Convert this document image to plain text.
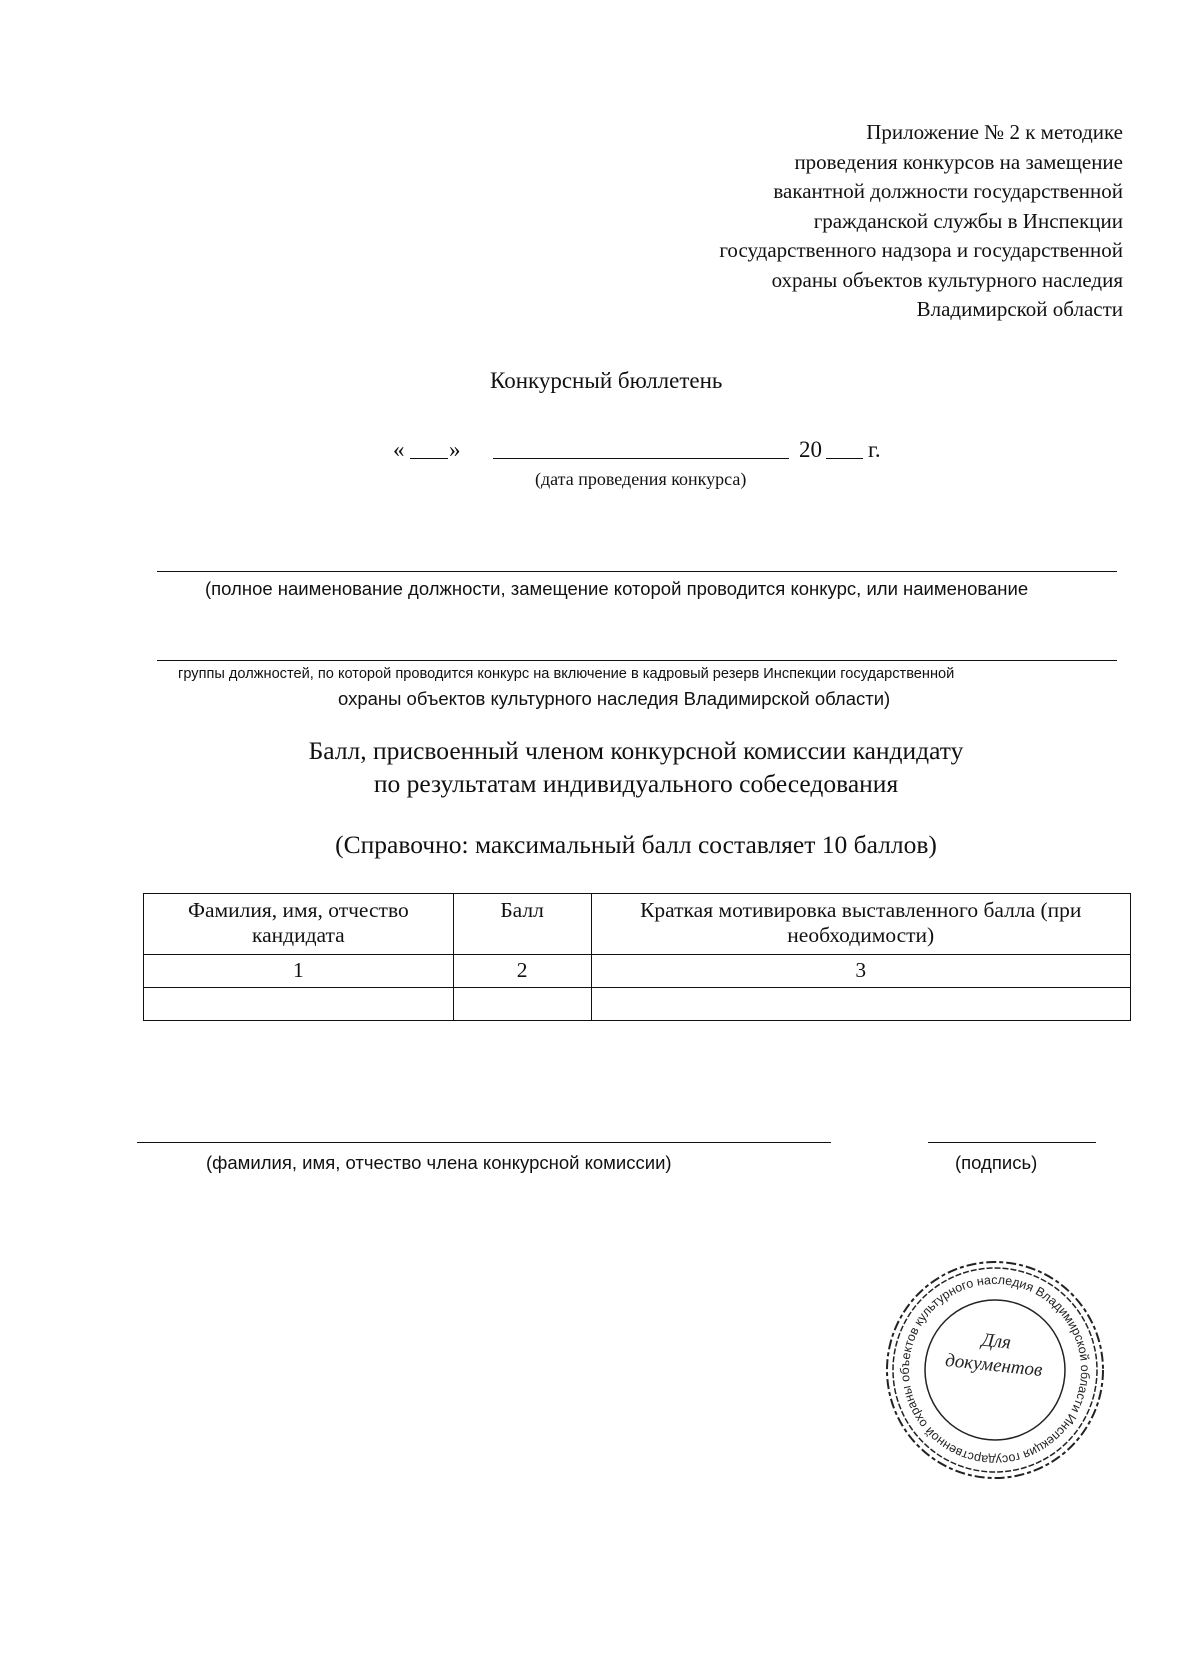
Приложение № 2 к методике
проведения конкурсов на замещение
вакантной должности государственной
гражданской службы в Инспекции
государственного надзора и государственной
охраны объектов культурного наследия
Владимирской области
Конкурсный бюллетень
« »	20 г.
(дата проведения конкурса)
(полное наименование должности, замещение которой проводится конкурс, или наименование
группы должностей, по которой проводится конкурс на включение в кадровый резерв Инспекции государственной
охраны объектов культурного наследия Владимирской области)
Балл, присвоенный членом конкурсной комиссии кандидату
по результатам индивидуального собеседования
(Справочно: максимальный балл составляет 10 баллов)
Фамилия, имя, отчество кандидата	Балл	Краткая мотивировка выставленного балла (при необходимости)
1	2	3

(фамилия, имя, отчество члена конкурсной комиссии)	(подпись)
Инспекция государственной охраны объектов культурного наследия Владимирской области
Для
документов
